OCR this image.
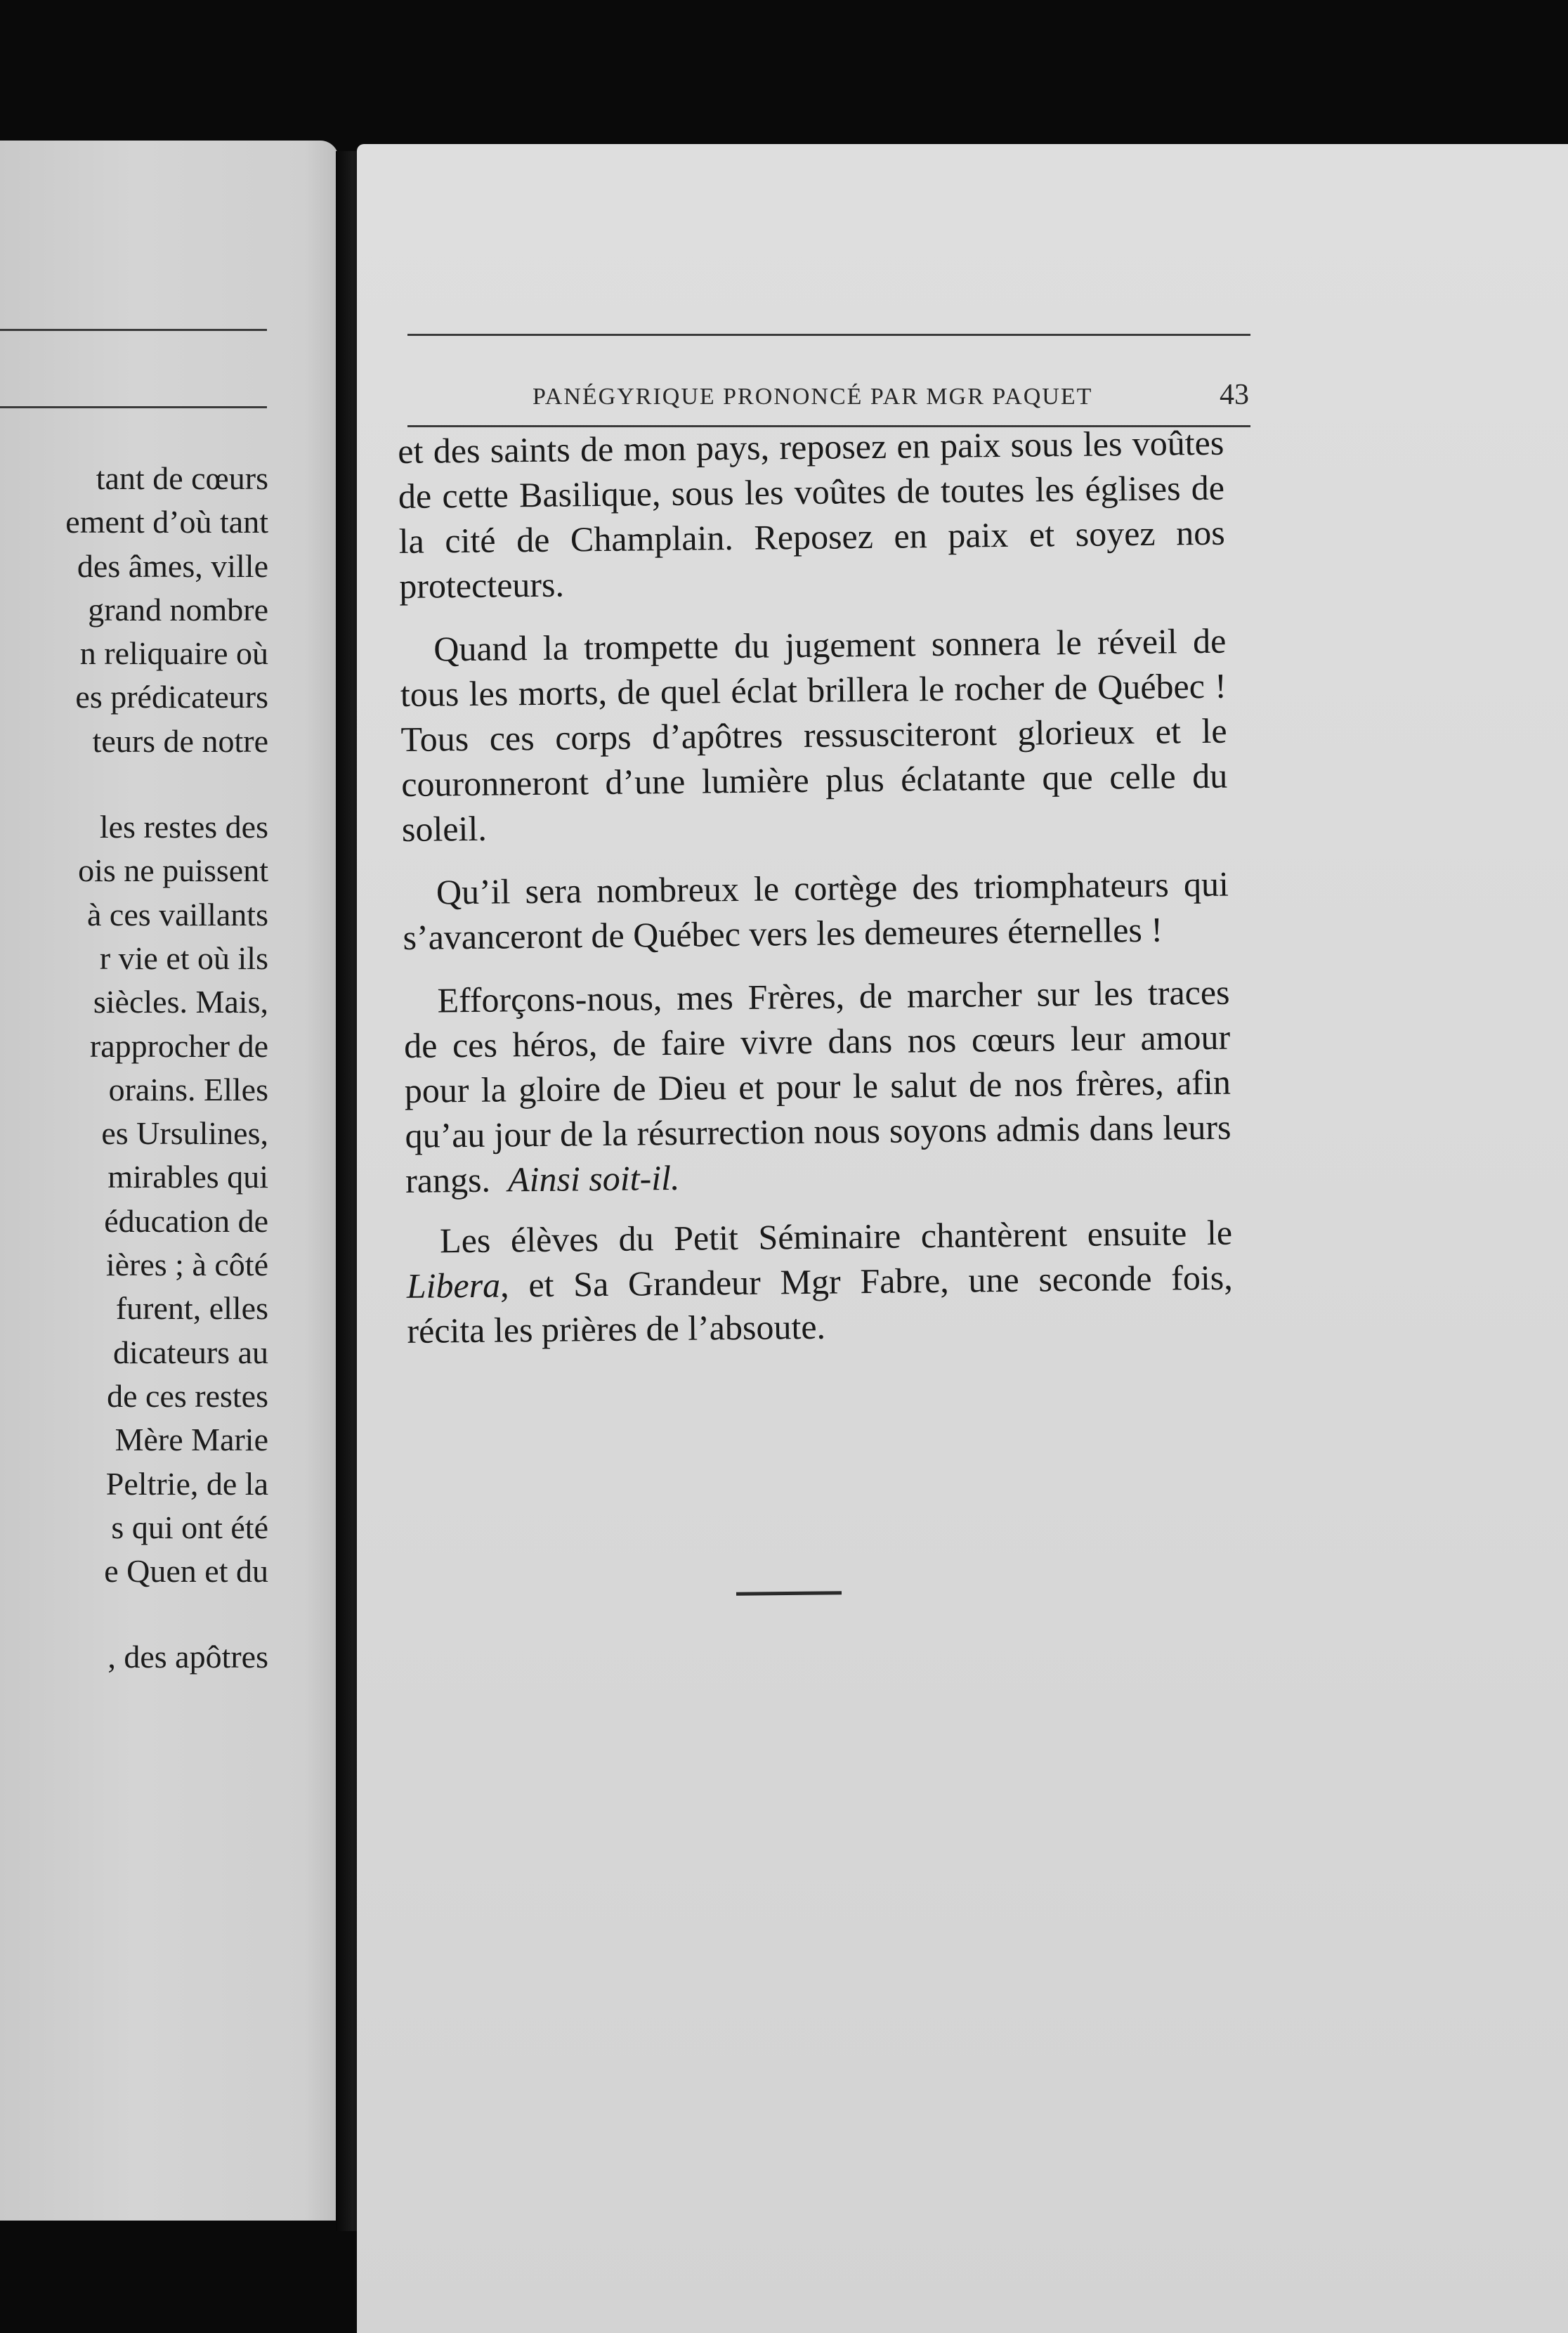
tant de cœurs
ement d’où tant
des âmes, ville
grand nombre
n reliquaire où
es prédicateurs
teurs de notre
les restes des
ois ne puissent
à ces vaillants
r vie et où ils
siècles. Mais,
rapprocher de
orains. Elles
es Ursulines,
mirables qui
éducation de
ières ; à côté
furent, elles
dicateurs au
de ces restes
Mère Marie
Peltrie, de la
s qui ont été
e Quen et du
, des apôtres

et des saints de mon pays, reposez en paix sous les voûtes de cette Basilique, sous les voûtes de toutes les églises de la cité de Champlain. Reposez en paix et soyez nos protecteurs.

Quand la trompette du jugement sonnera le réveil de tous les morts, de quel éclat brillera le rocher de Québec ! Tous ces corps d’apôtres ressusciteront glorieux et le couronneront d’une lumière plus éclatante que celle du soleil.

Qu’il sera nombreux le cortège des triomphateurs qui s’avanceront de Québec vers les demeures éternelles !

Efforçons-nous, mes Frères, de marcher sur les traces de ces héros, de faire vivre dans nos cœurs leur amour pour la gloire de Dieu et pour le salut de nos frères, afin qu’au jour de la résurrection nous soyons admis dans leurs rangs. Ainsi soit-il.

Les élèves du Petit Séminaire chantèrent ensuite le Libera, et Sa Grandeur Mgr Fabre, une seconde fois, récita les prières de l’absoute.

PANÉGYRIQUE PRONONCÉ PAR MGR PAQUET	43
